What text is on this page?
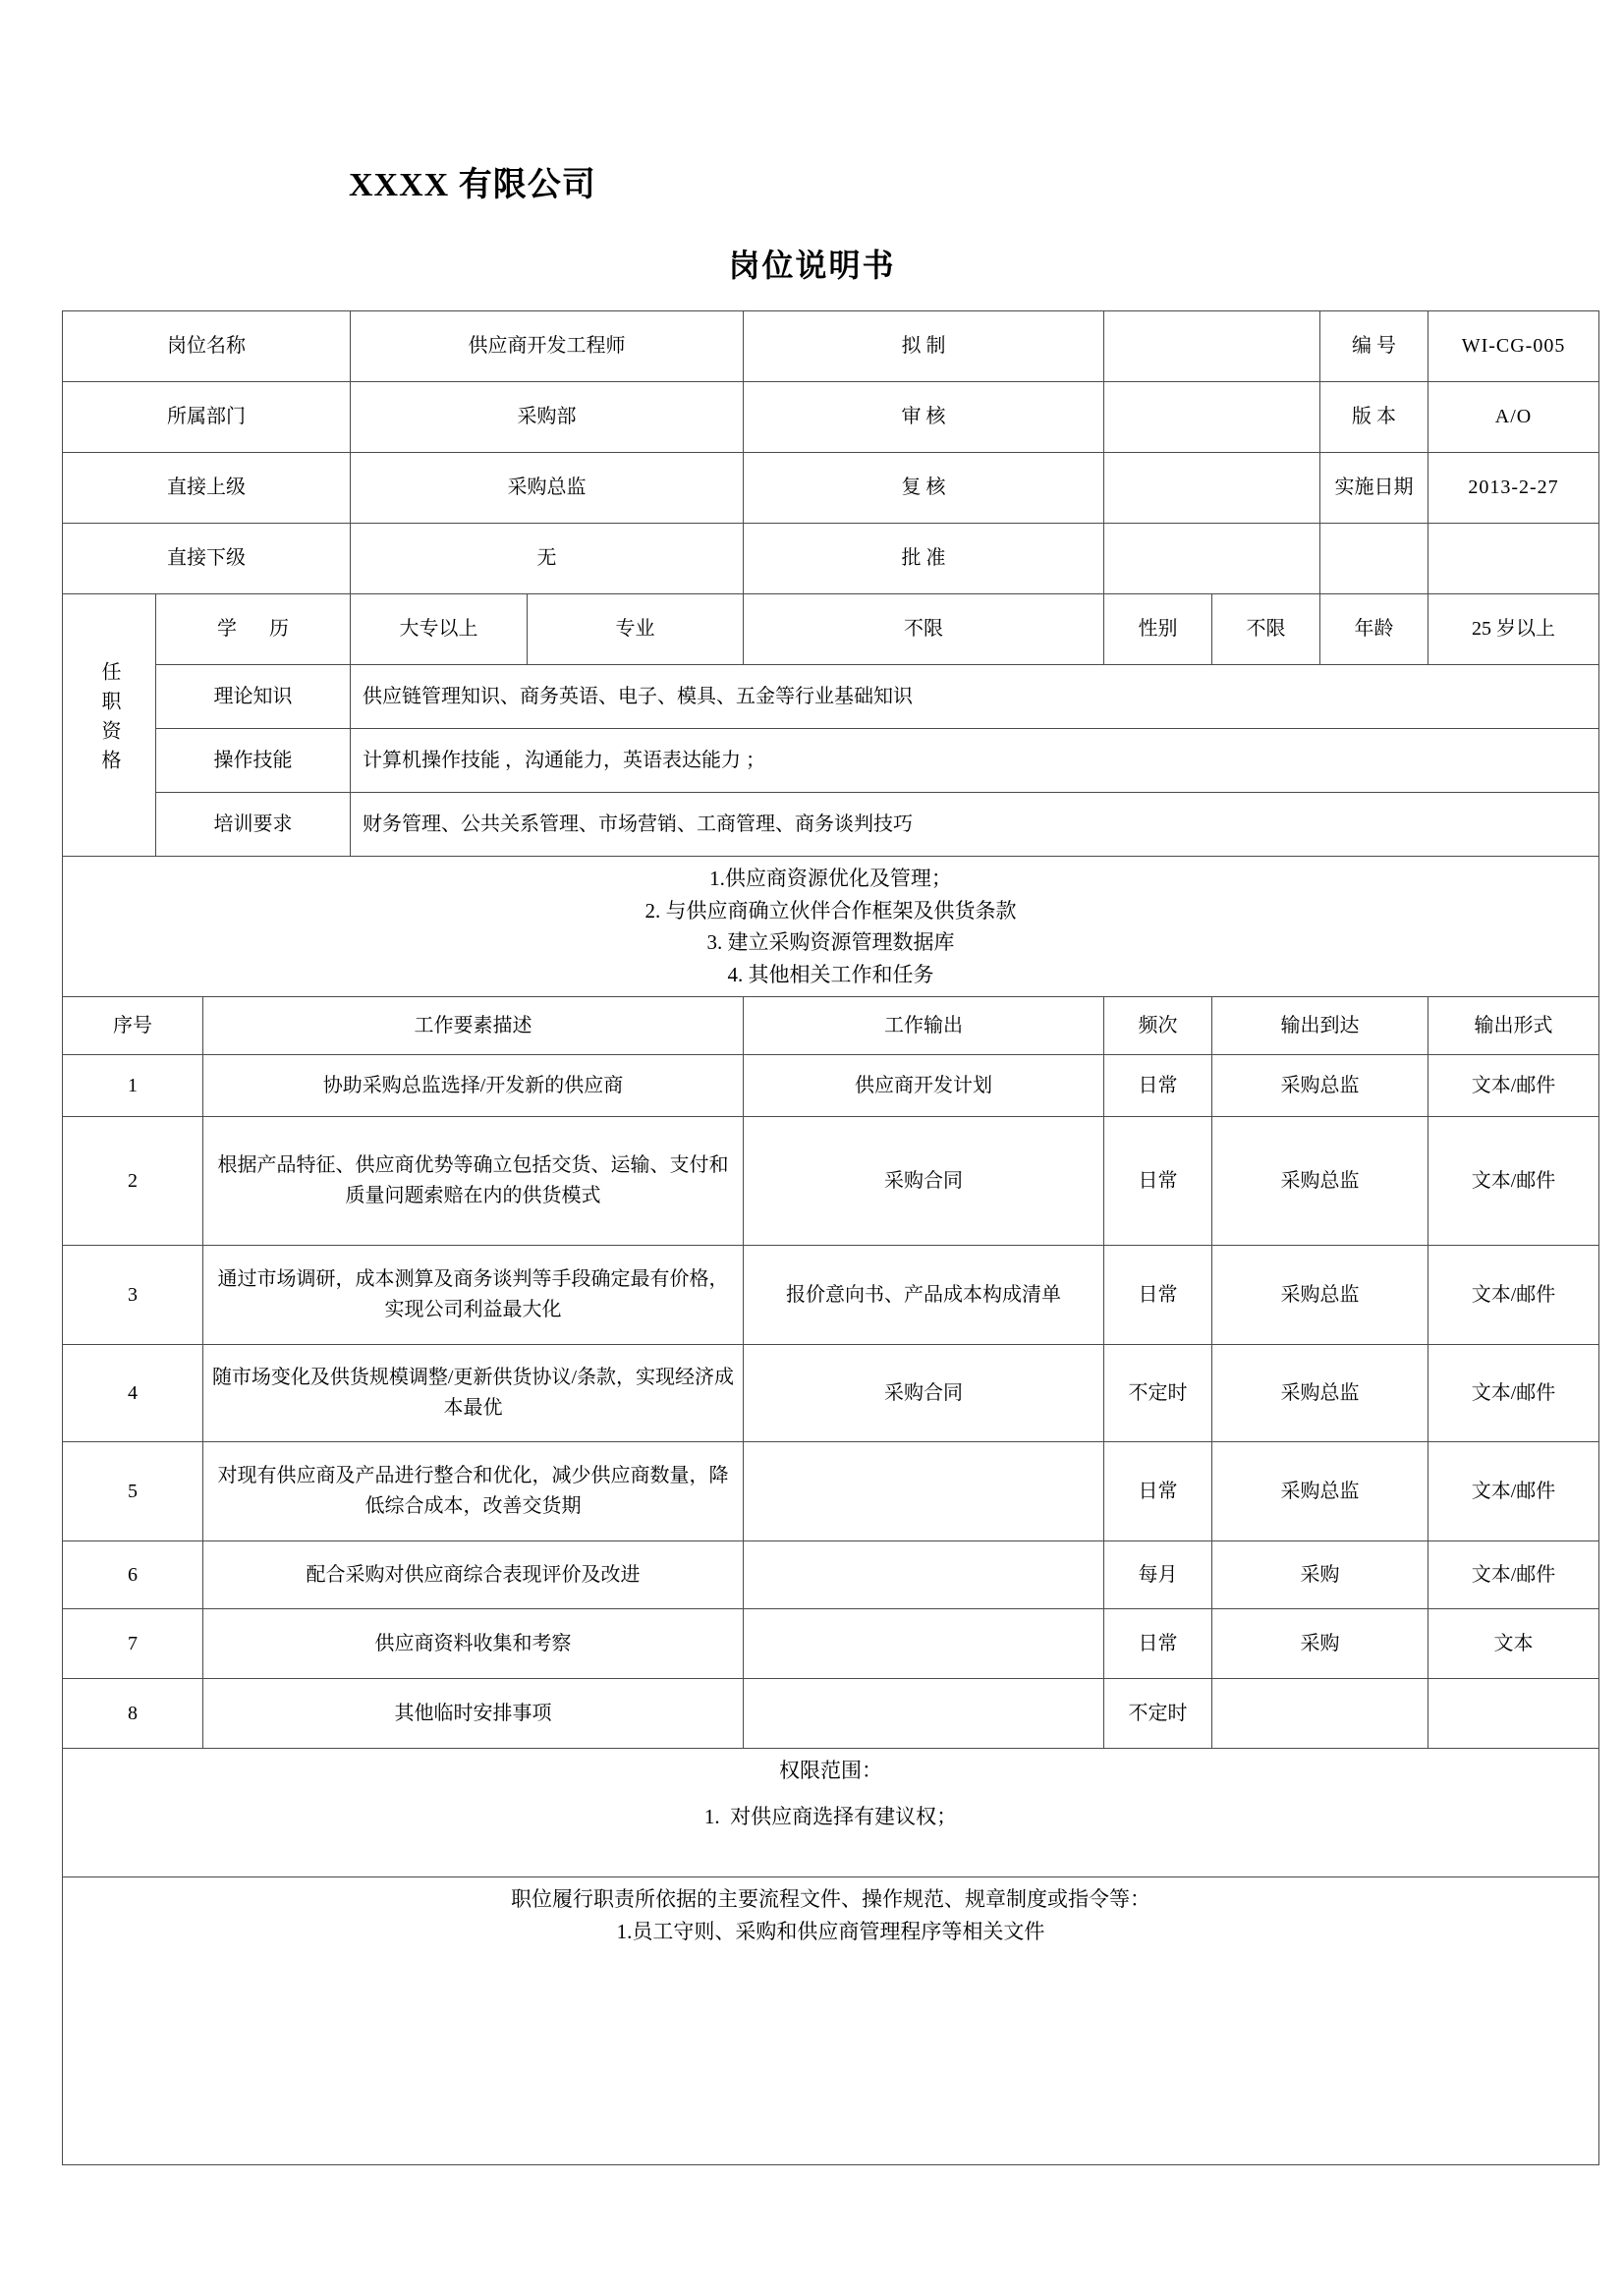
XXXX 有限公司
岗位说明书
岗位名称			供应商开发工程师		拟 制			编 号	WI-CG-005
所属部门			采购部		审 核			版 本	A/O
直接上级			采购总监		复 核			实施日期	2013-2-27
直接下级			无		批 准				
任职资格	学 历		大专以上	专业	不限	性别	不限	年龄	25 岁以上
	理论知识		供应链管理知识、商务英语、电子、模具、五金等行业基础知识						
	操作技能		计算机操作技能 ，沟通能力，英语表达能力 ；						
	培训要求		财务管理、公共关系管理、市场营销、工商管理、商务谈判技巧						

1.供应商资源优化及管理；
2. 与供应商确立伙伴合作框架及供货条款
3. 建立采购资源管理数据库
4. 其他相关工作和任务									

序号		工作要素描述			工作输出	频次	输出到达		输出形式
1		协助采购总监选择/开发新的供应商			供应商开发计划	日常	采购总监		文本/邮件
2		根据产品特征、供应商优势等确立包括交货、运输、支付和质量问题索赔在内的供货模式			采购合同	日常	采购总监		文本/邮件
3		通过市场调研，成本测算及商务谈判等手段确定最有价格，实现公司利益最大化			报价意向书、产品成本构成清单	日常	采购总监		文本/邮件
4		随市场变化及供货规模调整/更新供货协议/条款，实现经济成本最优			采购合同	不定时	采购总监		文本/邮件
5		对现有供应商及产品进行整合和优化，减少供应商数量，降低综合成本，改善交货期				日常	采购总监		文本/邮件
6		配合采购对供应商综合表现评价及改进				每月	采购		文本/邮件
7		供应商资料收集和考察				日常	采购		文本
8		其他临时安排事项				不定时			

权限范围：
1.  对供应商选择有建议权；									

职位履行职责所依据的主要流程文件、操作规范、规章制度或指令等：
1.员工守则、采购和供应商管理程序等相关文件									
